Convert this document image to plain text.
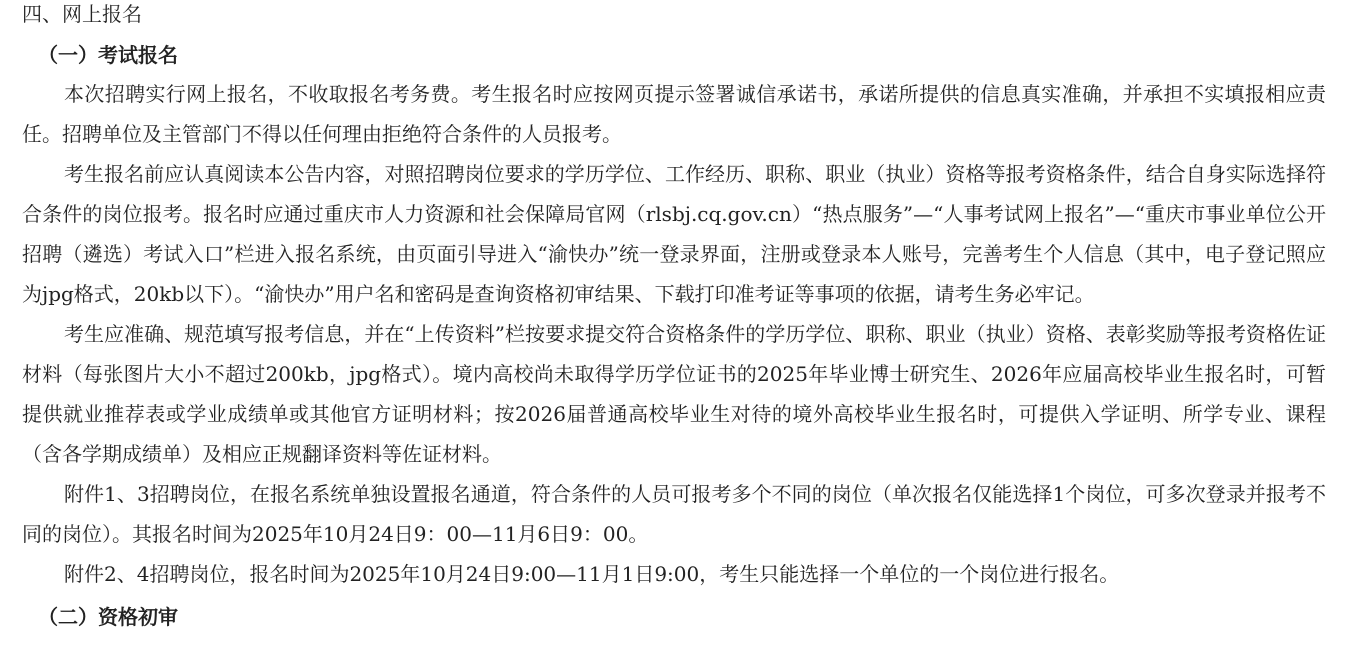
四、网上报名
（一）考试报名

本次招聘实行网上报名，不收取报名考务费。考生报名时应按网页提示签署诚信承诺书，承诺所提供的信息真实准确，并承担不实填报相应责任。招聘单位及主管部门不得以任何理由拒绝符合条件的人员报考。

考生报名前应认真阅读本公告内容，对照招聘岗位要求的学历学位、工作经历、职称、职业（执业）资格等报考资格条件，结合自身实际选择符合条件的岗位报考。报名时应通过重庆市人力资源和社会保障局官网（rlsbj.cq.gov.cn）“热点服务”—“人事考试网上报名”—“重庆市事业单位公开招聘（遴选）考试入口”栏进入报名系统，由页面引导进入“渝快办”统一登录界面，注册或登录本人账号，完善考生个人信息（其中，电子登记照应为jpg格式，20kb以下）。“渝快办”用户名和密码是查询资格初审结果、下载打印准考证等事项的依据，请考生务必牢记。

考生应准确、规范填写报考信息，并在“上传资料”栏按要求提交符合资格条件的学历学位、职称、职业（执业）资格、表彰奖励等报考资格佐证材料（每张图片大小不超过200kb，jpg格式）。境内高校尚未取得学历学位证书的2025年毕业博士研究生、2026年应届高校毕业生报名时，可暂提供就业推荐表或学业成绩单或其他官方证明材料；按2026届普通高校毕业生对待的境外高校毕业生报名时，可提供入学证明、所学专业、课程（含各学期成绩单）及相应正规翻译资料等佐证材料。

附件1、3招聘岗位，在报名系统单独设置报名通道，符合条件的人员可报考多个不同的岗位（单次报名仅能选择1个岗位，可多次登录并报考不同的岗位）。其报名时间为2025年10月24日9：00—11月6日9：00。

附件2、4招聘岗位，报名时间为2025年10月24日9:00—11月1日9:00，考生只能选择一个单位的一个岗位进行报名。

（二）资格初审
